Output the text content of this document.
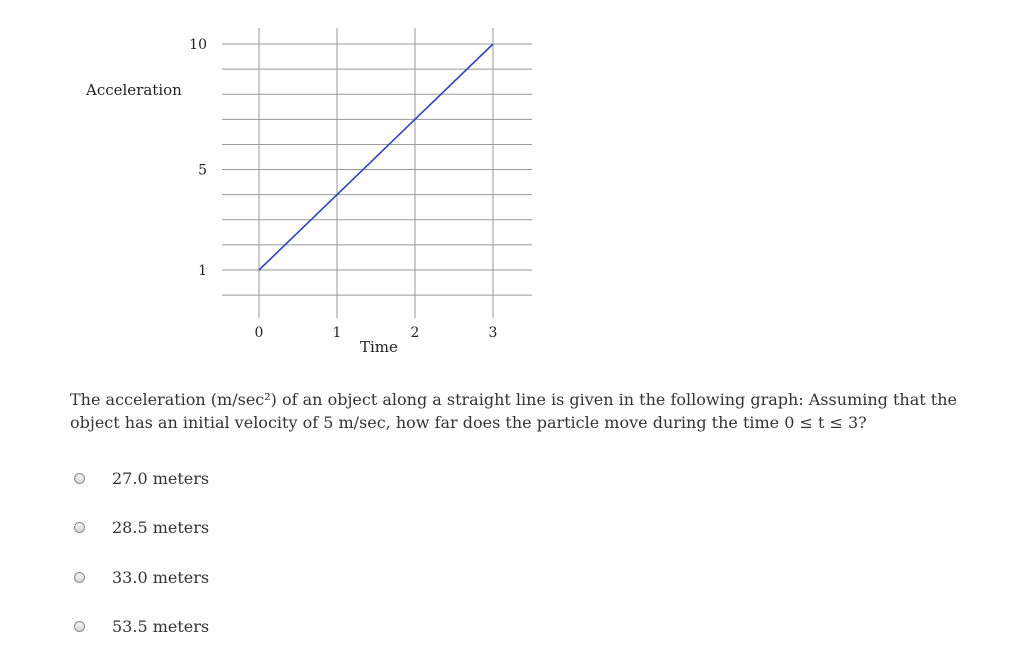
1
5
10
0	1	2	3
Acceleration
Time
The acceleration (m/sec²) of an object along a straight line is given in the following graph: Assuming that the object has an initial velocity of 5 m/sec, how far does the particle move during the time 0 ≤ t ≤ 3?
27.0 meters
28.5 meters
33.0 meters
53.5 meters
